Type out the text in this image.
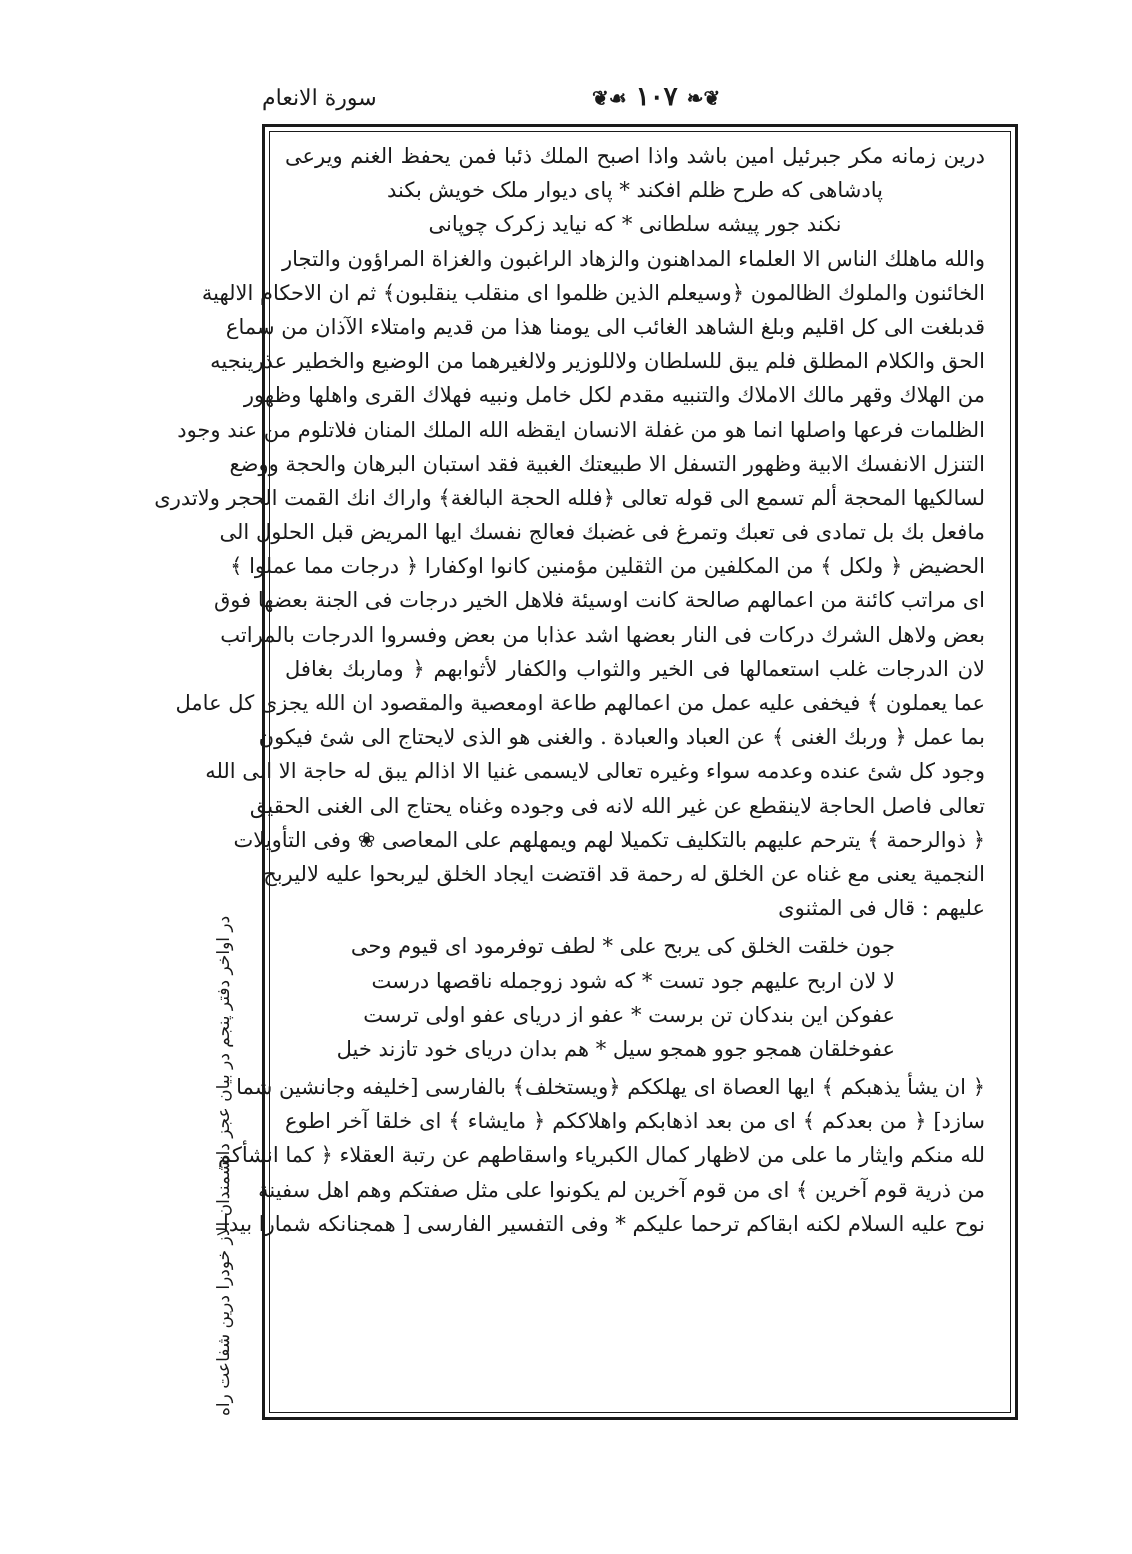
سورة الانعام	❦❧ ١٠٧ ☙❦
درین زمانه مکر جبرئیل امین باشد واذا اصبح الملك ذئبا فمن یحفظ الغنم ویرعی
پادشاهی که طرح ظلم افکند * پای دیوار ملک خویش بکند
نکند جور پیشه سلطانی * که نیاید زکرک چوپانی
والله ماهلك الناس الا العلماء المداهنون والزهاد الراغبون والغزاة المراؤون والتجار
الخائنون والملوك الظالمون ﴿وسيعلم الذين ظلموا اى منقلب ينقلبون﴾ ثم ان الاحكام الالهية
قدبلغت الى كل اقليم وبلغ الشاهد الغائب الى يومنا هذا من قديم وامتلاء الآذان من سماع
الحق والكلام المطلق فلم يبق للسلطان ولاللوزير ولالغيرهما من الوضيع والخطير عذرينجيه
من الهلاك وقهر مالك الاملاك والتنبيه مقدم لكل خامل ونبيه فهلاك القرى واهلها وظهور
الظلمات فرعها واصلها انما هو من غفلة الانسان ايقظه الله الملك المنان فلاتلوم من عند وجود
التنزل الانفسك الابية وظهور التسفل الا طبيعتك الغبية فقد استبان البرهان والحجة ووضع
لسالكيها المحجة ألم تسمع الى قوله تعالى ﴿فلله الحجة البالغة﴾ واراك انك القمت الحجر ولاتدرى
مافعل بك بل تمادى فى تعبك وتمرغ فى غضبك فعالج نفسك ايها المريض قبل الحلول الى
الحضيض ﴿ ولكل ﴾ من المكلفين من الثقلين مؤمنين كانوا اوكفارا ﴿ درجات مما عملوا ﴾
اى مراتب كائنة من اعمالهم صالحة كانت اوسيئة فلاهل الخير درجات فى الجنة بعضها فوق
بعض ولاهل الشرك دركات فى النار بعضها اشد عذابا من بعض وفسروا الدرجات بالمراتب
لان الدرجات غلب استعمالها فى الخير والثواب والكفار لأثوابهم ﴿ وماربك بغافل
عما يعملون ﴾ فيخفى عليه عمل من اعمالهم طاعة اومعصية والمقصود ان الله يجزى كل عامل
بما عمل ﴿ وربك الغنى ﴾ عن العباد والعبادة . والغنى هو الذى لايحتاج الى شئ فيكون
وجود كل شئ عنده وعدمه سواء وغيره تعالى لايسمى غنيا الا اذالم يبق له حاجة الا الى الله
تعالى فاصل الحاجة لاينقطع عن غير الله لانه فى وجوده وغناه يحتاج الى الغنى الحقيق
﴿ ذوالرحمة ﴾ يترحم عليهم بالتكليف تكميلا لهم ويمهلهم على المعاصى ❀ وفى التأويلات
النجمية يعنى مع غناه عن الخلق له رحمة قد اقتضت ايجاد الخلق ليربحوا عليه لاليربح
عليهم : قال فى المثنوى
جون خلقت الخلق كى يربح على * لطف توفرمود اى قيوم وحى
لا لان اربح عليهم جود تست * كه شود زوجمله ناقصها درست
عفوكن اين بندكان تن برست * عفو از درياى عفو اولى ترست
عفوخلقان همجو جوو همجو سيل * هم بدان درياى خود تازند خيل
﴿ ان يشأ يذهبكم ﴾ ايها العصاة اى يهلككم ﴿ويستخلف﴾ بالفارسى [خليفه وجانشين شما
سازد] ﴿ من بعدكم ﴾ اى من بعد اذهابكم واهلاككم ﴿ مايشاء ﴾ اى خلقا آخر اطوع
لله منكم وايثار ما على من لاظهار كمال الكبرياء واسقاطهم عن رتبة العقلاء ﴿ كما انشأكم
من ذرية قوم آخرين ﴾ اى من قوم آخرين لم يكونوا على مثل صفتكم وهم اهل سفينة
نوح عليه السلام لكنه ابقاكم ترحما عليكم * وفى التفسير الفارسى [ همجنانكه شمارا بيدا
در اواخر دفتر پنجم در بيان عجز دانشمندان الاز خودرا درين شفاعت راه
